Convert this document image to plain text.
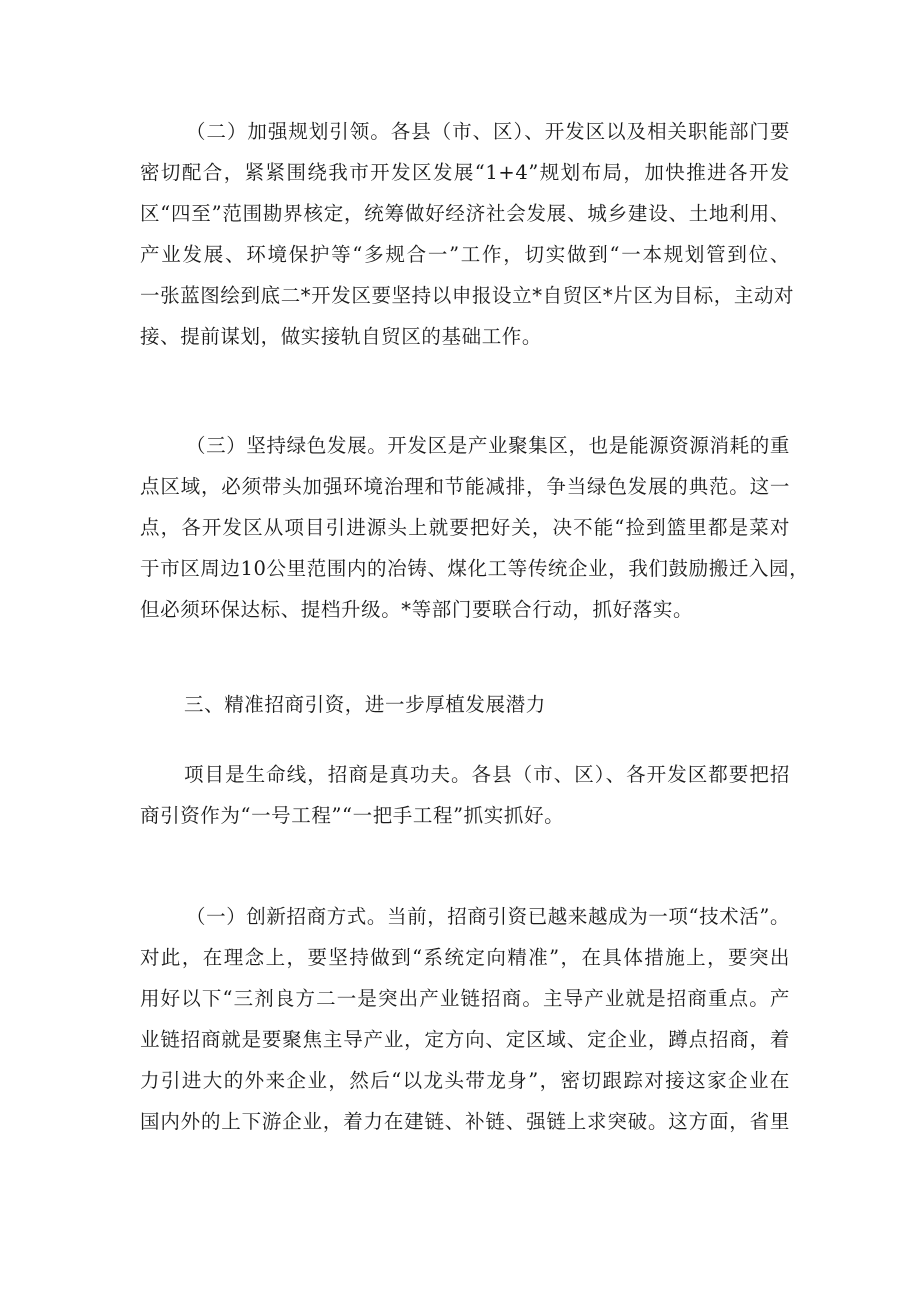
（二）加强规划引领。各县（市、区）、开发区以及相关职能部门要
密切配合，紧紧围绕我市开发区发展“1+4”规划布局，加快推进各开发
区“四至”范围勘界核定，统筹做好经济社会发展、城乡建设、土地利用、
产业发展、环境保护等“多规合一”工作，切实做到“一本规划管到位、
一张蓝图绘到底二*开发区要坚持以申报设立*自贸区*片区为目标，主动对
接、提前谋划，做实接轨自贸区的基础工作。
（三）坚持绿色发展。开发区是产业聚集区，也是能源资源消耗的重
点区域，必须带头加强环境治理和节能减排，争当绿色发展的典范。这一
点，各开发区从项目引进源头上就要把好关，决不能“捡到篮里都是菜对
于市区周边10公里范围内的冶铸、煤化工等传统企业，我们鼓励搬迁入园，
但必须环保达标、提档升级。*等部门要联合行动，抓好落实。
三、精准招商引资，进一步厚植发展潜力
项目是生命线，招商是真功夫。各县（市、区）、各开发区都要把招
商引资作为“一号工程”“一把手工程”抓实抓好。
（一）创新招商方式。当前，招商引资已越来越成为一项“技术活”。
对此，在理念上，要坚持做到“系统定向精准”，在具体措施上，要突出
用好以下“三剂良方二一是突出产业链招商。主导产业就是招商重点。产
业链招商就是要聚焦主导产业，定方向、定区域、定企业，蹲点招商，着
力引进大的外来企业，然后“以龙头带龙身”，密切跟踪对接这家企业在
国内外的上下游企业，着力在建链、补链、强链上求突破。这方面，省里
